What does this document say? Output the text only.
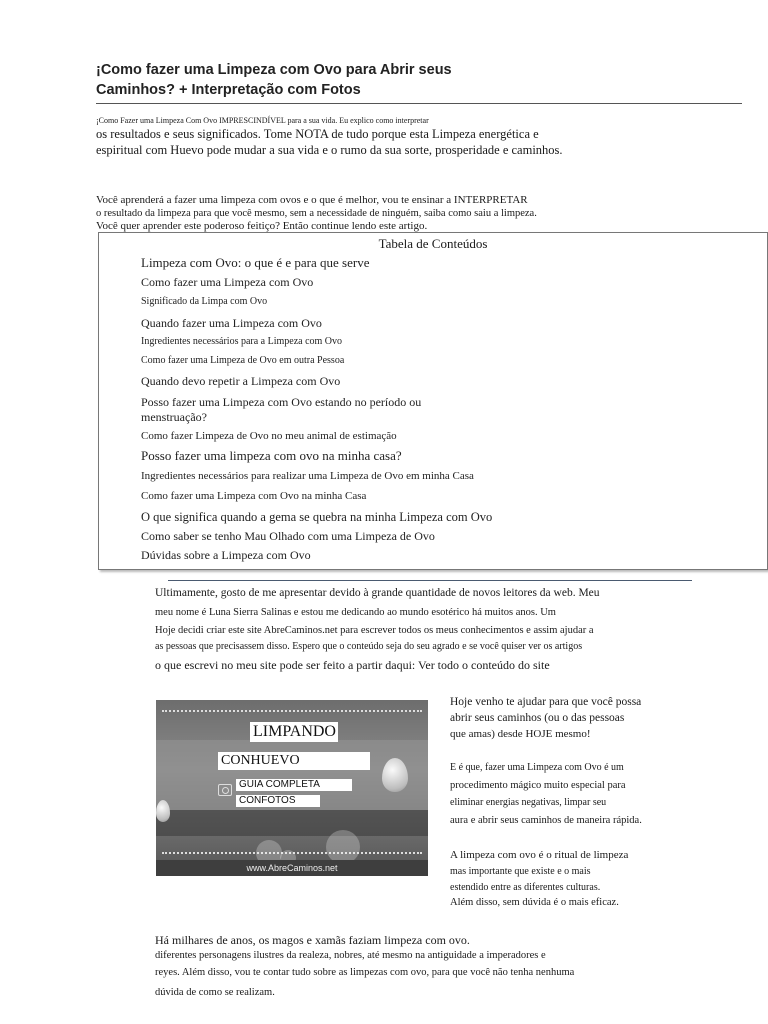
¡Como fazer uma Limpeza com Ovo para Abrir seus
Caminhos? + Interpretação com Fotos
¡Como Fazer uma Limpeza Com Ovo IMPRESCINDÍVEL para a sua vida. Eu explico como interpretar
os resultados e seus significados. Tome NOTA de tudo porque esta Limpeza energética e
espiritual com Huevo pode mudar a sua vida e o rumo da sua sorte, prosperidade e caminhos.
Você aprenderá a fazer uma limpeza com ovos e o que é melhor, vou te ensinar a INTERPRETAR
o resultado da limpeza para que você mesmo, sem a necessidade de ninguém, saiba como saiu a limpeza.
Você quer aprender este poderoso feitiço? Então continue lendo este artigo.
Tabela de Conteúdos
Limpeza com Ovo: o que é e para que serve
Como fazer uma Limpeza com Ovo
Significado da Limpa com Ovo
Quando fazer uma Limpeza com Ovo
Ingredientes necessários para a Limpeza com Ovo
Como fazer uma Limpeza de Ovo em outra Pessoa
Quando devo repetir a Limpeza com Ovo
Posso fazer uma Limpeza com Ovo estando no período ou
menstruação?
Como fazer Limpeza de Ovo no meu animal de estimação
Posso fazer uma limpeza com ovo na minha casa?
Ingredientes necessários para realizar uma Limpeza de Ovo em minha Casa
Como fazer uma Limpeza com Ovo na minha Casa
O que significa quando a gema se quebra na minha Limpeza com Ovo
Como saber se tenho Mau Olhado com uma Limpeza de Ovo
Dúvidas sobre a Limpeza com Ovo
Ultimamente, gosto de me apresentar devido à grande quantidade de novos leitores da web. Meu
meu nome é Luna Sierra Salinas e estou me dedicando ao mundo esotérico há muitos anos. Um
Hoje decidi criar este site AbreCaminos.net para escrever todos os meus conhecimentos e assim ajudar a
as pessoas que precisassem disso. Espero que o conteúdo seja do seu agrado e se você quiser ver os artigos
o que escrevi no meu site pode ser feito a partir daqui: Ver todo o conteúdo do site
LIMPANDO
CONHUEVO
GUIA COMPLETA
CONFOTOS
www.AbreCaminos.net
Hoje venho te ajudar para que você possa
abrir seus caminhos (ou o das pessoas
que amas) desde HOJE mesmo!
E é que, fazer uma Limpeza com Ovo é um
procedimento mágico muito especial para
eliminar energias negativas, limpar seu
aura e abrir seus caminhos de maneira rápida.
A limpeza com ovo é o ritual de limpeza
mas importante que existe e o mais
estendido entre as diferentes culturas.
Além disso, sem dúvida é o mais eficaz.
Há milhares de anos, os magos e xamãs faziam limpeza com ovo.
diferentes personagens ilustres da realeza, nobres, até mesmo na antiguidade a imperadores e
reyes. Além disso, vou te contar tudo sobre as limpezas com ovo, para que você não tenha nenhuma
dúvida de como se realizam.
